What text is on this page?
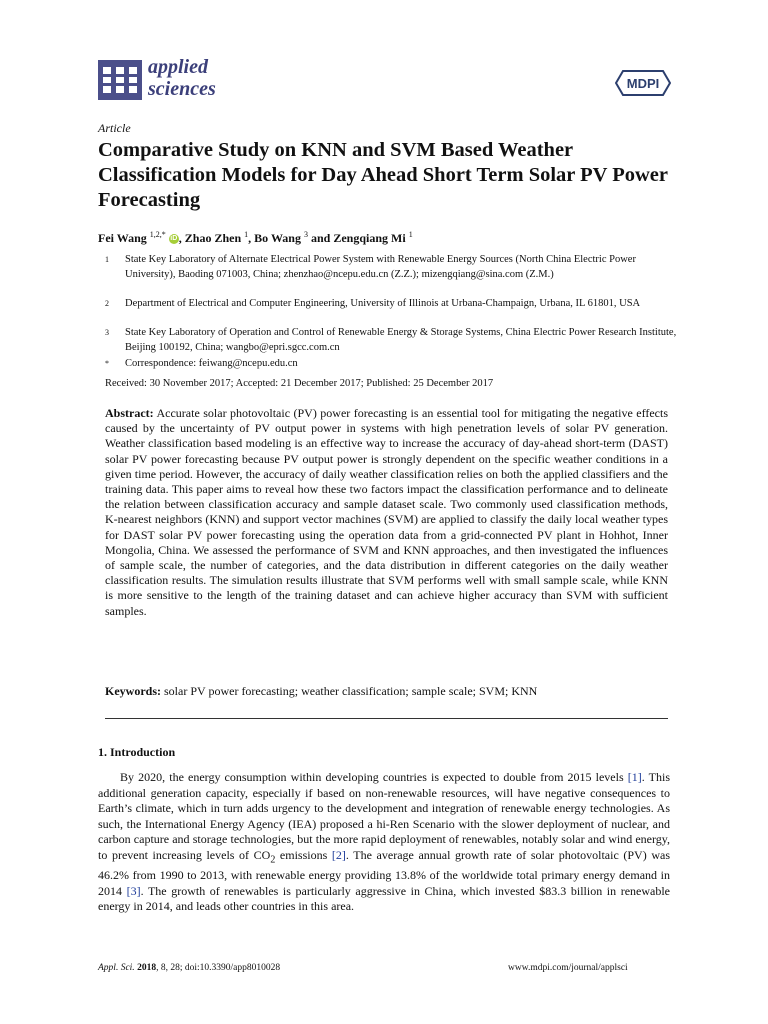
applied
sciences	MDPI
Article
Comparative Study on KNN and SVM Based Weather Classification Models for Day Ahead Short Term Solar PV Power Forecasting
Fei Wang $^{1,2,*}$ iD , Zhao Zhen $^1$, Bo Wang $^3$ and Zengqiang Mi $^1$
1 State Key Laboratory of Alternate Electrical Power System with Renewable Energy Sources (North China Electric Power University), Baoding 071003, China; zhenzhao@ncepu.edu.cn (Z.Z.); mizengqiang@sina.com (Z.M.)
2 Department of Electrical and Computer Engineering, University of Illinois at Urbana-Champaign, Urbana, IL 61801, USA
3 State Key Laboratory of Operation and Control of Renewable Energy & Storage Systems, China Electric Power Research Institute, Beijing 100192, China; wangbo@epri.sgcc.com.cn
* Correspondence: feiwang@ncepu.edu.cn
Received: 30 November 2017; Accepted: 21 December 2017; Published: 25 December 2017
Abstract: Accurate solar photovoltaic (PV) power forecasting is an essential tool for mitigating the negative effects caused by the uncertainty of PV output power in systems with high penetration levels of solar PV generation. Weather classification based modeling is an effective way to increase the accuracy of day-ahead short-term (DAST) solar PV power forecasting because PV output power is strongly dependent on the specific weather conditions in a given time period. However, the accuracy of daily weather classification relies on both the applied classifiers and the training data. This paper aims to reveal how these two factors impact the classification performance and to delineate the relation between classification accuracy and sample dataset scale. Two commonly used classification methods, K-nearest neighbors (KNN) and support vector machines (SVM) are applied to classify the daily local weather types for DAST solar PV power forecasting using the operation data from a grid-connected PV plant in Hohhot, Inner Mongolia, China. We assessed the performance of SVM and KNN approaches, and then investigated the influences of sample scale, the number of categories, and the data distribution in different categories on the daily weather classification results. The simulation results illustrate that SVM performs well with small sample scale, while KNN is more sensitive to the length of the training dataset and can achieve higher accuracy than SVM with sufficient samples.
Keywords: solar PV power forecasting; weather classification; sample scale; SVM; KNN
1. Introduction
By 2020, the energy consumption within developing countries is expected to double from 2015 levels [1]. This additional generation capacity, especially if based on non-renewable resources, will have negative consequences to Earth’s climate, which in turn adds urgency to the development and integration of renewable energy technologies. As such, the International Energy Agency (IEA) proposed a hi-Ren Scenario with the slower deployment of nuclear, and carbon capture and storage technologies, but the more rapid deployment of renewables, notably solar and wind energy, to prevent increasing levels of $CO_2$ emissions [2]. The average annual growth rate of solar photovoltaic (PV) was 46.2% from 1990 to 2013, with renewable energy providing 13.8% of the worldwide total primary energy demand in 2014 [3]. The growth of renewables is particularly aggressive in China, which invested $83.3 billion in renewable energy in 2014, and leads other countries in this area.
Appl. Sci. 2018, 8, 28; doi:10.3390/app8010028	www.mdpi.com/journal/applsci
